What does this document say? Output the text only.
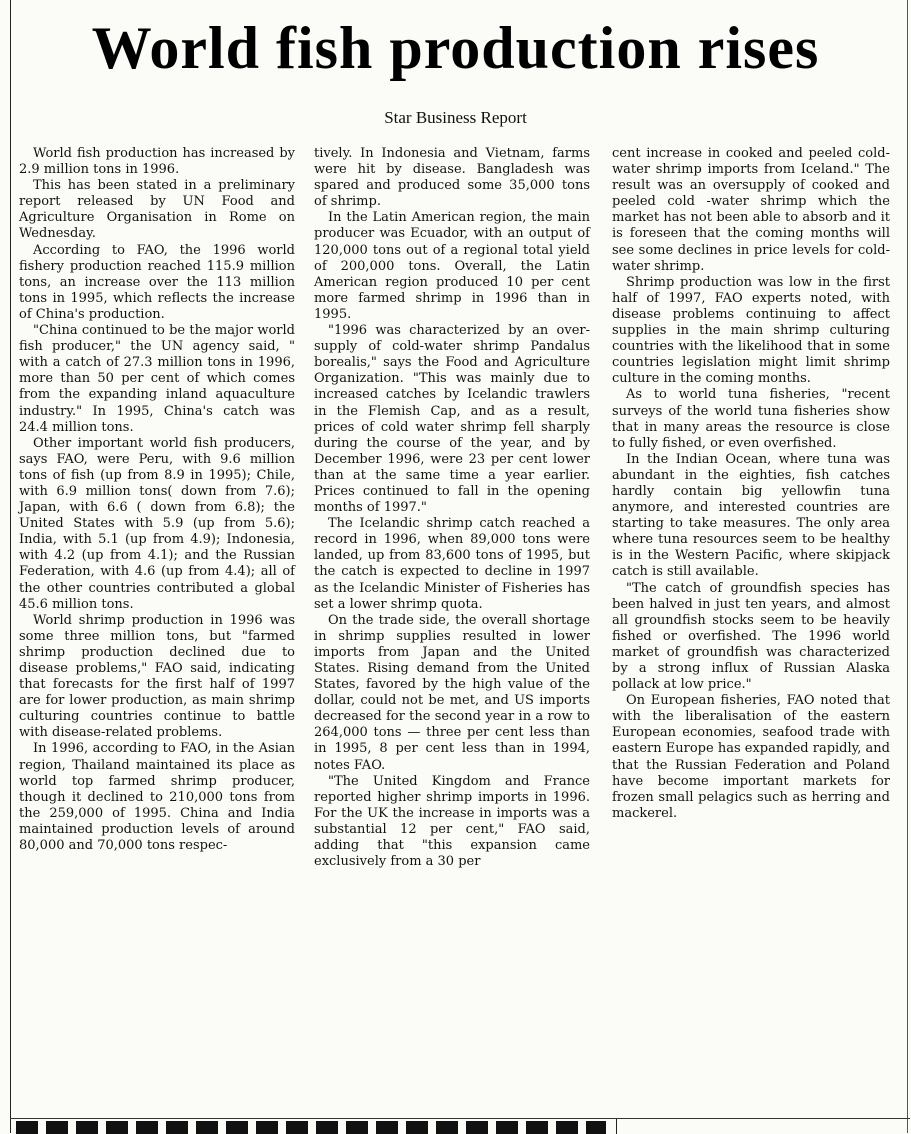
World fish production rises
Star Business Report

World fish production has increased by 2.9 million tons in 1996.

This has been stated in a preliminary report released by UN Food and Agriculture Organisation in Rome on Wednesday.

According to FAO, the 1996 world fishery production reached 115.9 million tons, an increase over the 113 million tons in 1995, which reflects the increase of China's production.

"China continued to be the major world fish producer," the UN agency said, " with a catch of 27.3 million tons in 1996, more than 50 per cent of which comes from the expanding inland aquaculture industry." In 1995, China's catch was 24.4 million tons.

Other important world fish producers, says FAO, were Peru, with 9.6 million tons of fish (up from 8.9 in 1995); Chile, with 6.9 million tons( down from 7.6); Japan, with 6.6 ( down from 6.8); the United States with 5.9 (up from 5.6); India, with 5.1 (up from 4.9); Indonesia, with 4.2 (up from 4.1); and the Russian Federation, with 4.6 (up from 4.4); all of the other countries contributed a global 45.6 million tons.

World shrimp production in 1996 was some three million tons, but "farmed shrimp production declined due to disease problems," FAO said, indicating that forecasts for the first half of 1997 are for lower production, as main shrimp culturing countries continue to battle with disease-related problems.

In 1996, according to FAO, in the Asian region, Thailand maintained its place as world top farmed shrimp producer, though it declined to 210,000 tons from the 259,000 of 1995. China and India maintained production levels of around 80,000 and 70,000 tons respec-

tively. In Indonesia and Vietnam, farms were hit by disease. Bangladesh was spared and produced some 35,000 tons of shrimp.

In the Latin American region, the main producer was Ecuador, with an output of 120,000 tons out of a regional total yield of 200,000 tons. Overall, the Latin American region produced 10 per cent more farmed shrimp in 1996 than in 1995.

"1996 was characterized by an over-supply of cold-water shrimp Pandalus borealis," says the Food and Agriculture Organization. "This was mainly due to increased catches by Icelandic trawlers in the Flemish Cap, and as a result, prices of cold water shrimp fell sharply during the course of the year, and by December 1996, were 23 per cent lower than at the same time a year earlier. Prices continued to fall in the opening months of 1997."

The Icelandic shrimp catch reached a record in 1996, when 89,000 tons were landed, up from 83,600 tons of 1995, but the catch is expected to decline in 1997 as the Icelandic Minister of Fisheries has set a lower shrimp quota.

On the trade side, the overall shortage in shrimp supplies resulted in lower imports from Japan and the United States. Rising demand from the United States, favored by the high value of the dollar, could not be met, and US imports decreased for the second year in a row to 264,000 tons — three per cent less than in 1995, 8 per cent less than in 1994, notes FAO.

"The United Kingdom and France reported higher shrimp imports in 1996. For the UK the increase in imports was a substantial 12 per cent," FAO said, adding that "this expansion came exclusively from a 30 per

cent increase in cooked and peeled cold-water shrimp imports from Iceland." The result was an oversupply of cooked and peeled cold -water shrimp which the market has not been able to absorb and it is foreseen that the coming months will see some declines in price levels for cold-water shrimp.

Shrimp production was low in the first half of 1997, FAO experts noted, with disease problems continuing to affect supplies in the main shrimp culturing countries with the likelihood that in some countries legislation might limit shrimp culture in the coming months.

As to world tuna fisheries, "recent surveys of the world tuna fisheries show that in many areas the resource is close to fully fished, or even overfished.

In the Indian Ocean, where tuna was abundant in the eighties, fish catches hardly contain big yellowfin tuna anymore, and interested countries are starting to take measures. The only area where tuna resources seem to be healthy is in the Western Pacific, where skipjack catch is still available.

"The catch of groundfish species has been halved in just ten years, and almost all groundfish stocks seem to be heavily fished or overfished. The 1996 world market of groundfish was characterized by a strong influx of Russian Alaska pollack at low price."

On European fisheries, FAO noted that with the liberalisation of the eastern European economies, seafood trade with eastern Europe has expanded rapidly, and that the Russian Federation and Poland have become important markets for frozen small pelagics such as herring and mackerel.
